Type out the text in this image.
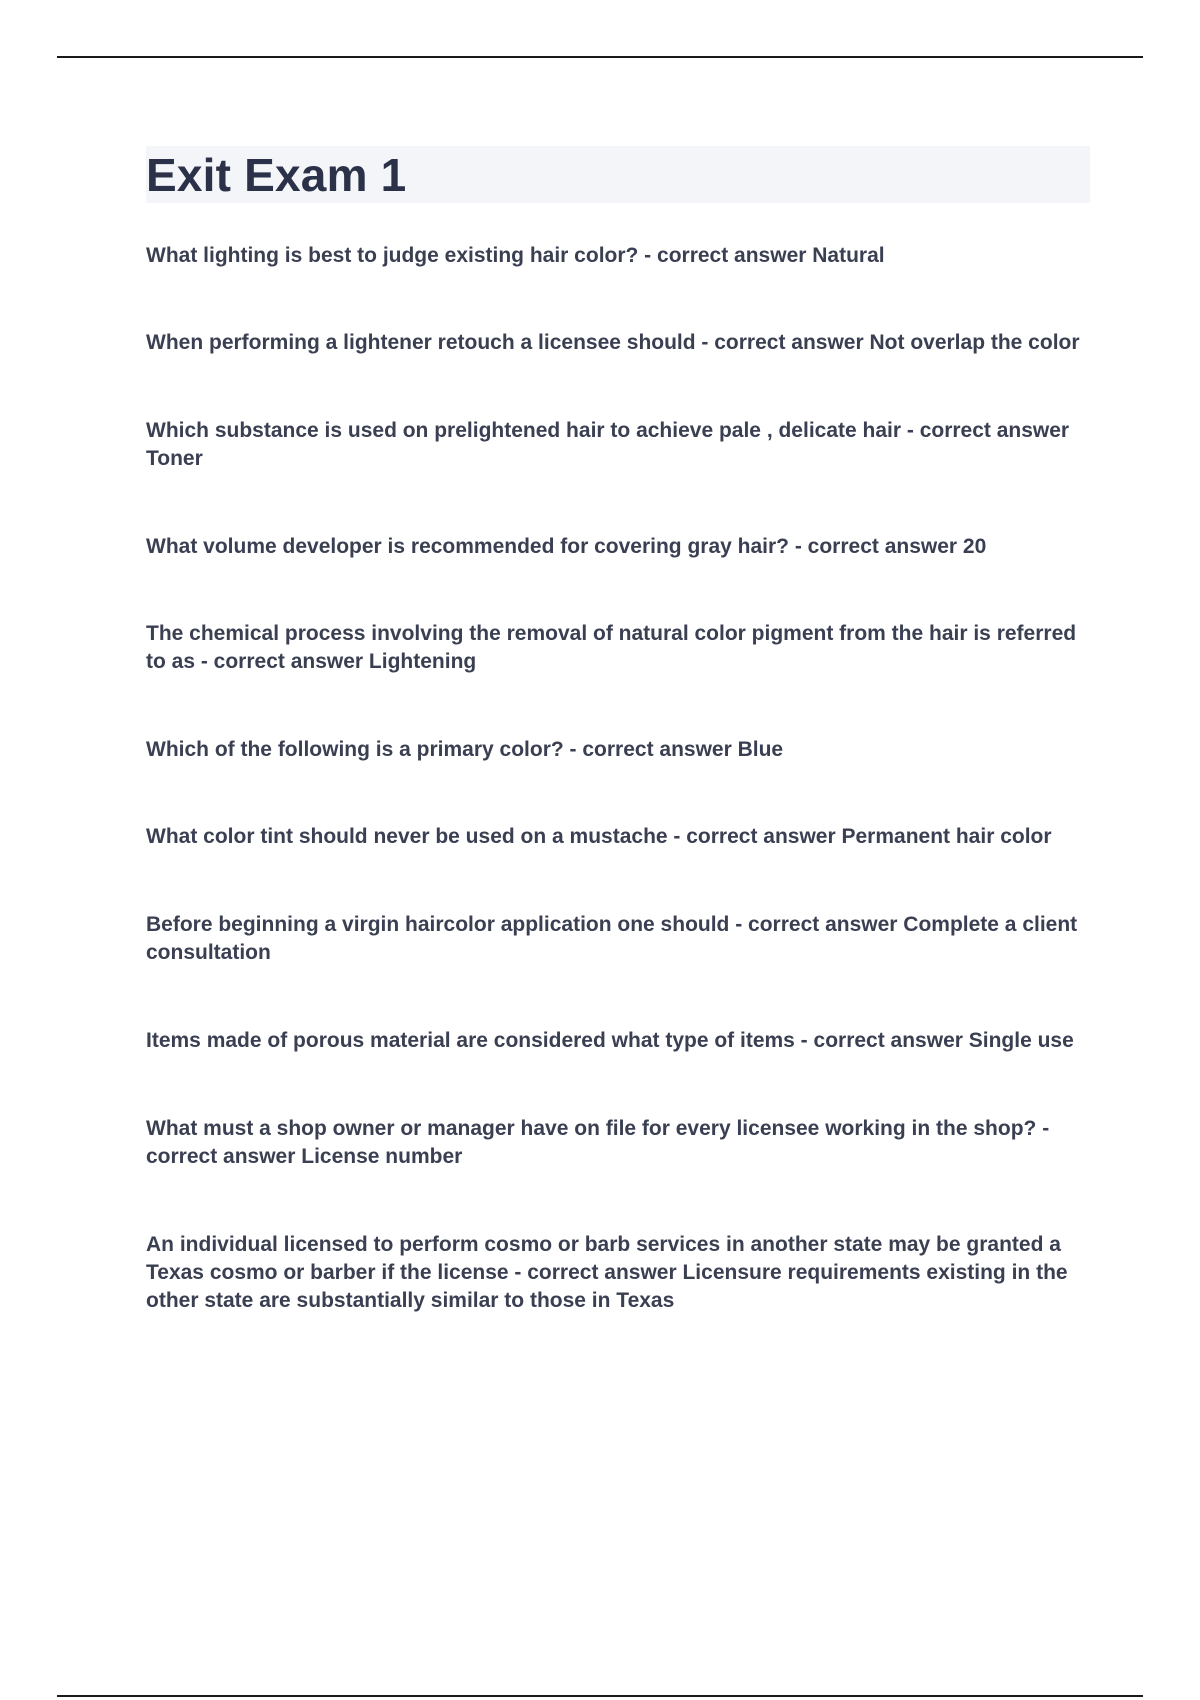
Exit Exam 1
What lighting is best to judge existing hair color? - correct answer Natural
When performing a lightener retouch a licensee should - correct answer Not overlap the color
Which substance is used on prelightened hair to achieve pale , delicate hair - correct answer Toner
What volume developer is recommended for covering gray hair? - correct answer 20
The chemical process involving the removal of natural color pigment from the hair is referred to as - correct answer Lightening
Which of the following is a primary color? - correct answer Blue
What color tint should never be used on a mustache - correct answer Permanent hair color
Before beginning a virgin haircolor application one should - correct answer Complete a client consultation
Items made of porous material are considered what type of items - correct answer Single use
What must a shop owner or manager have on file for every licensee working in the shop? - correct answer License number
An individual licensed to perform cosmo or barb services in another state may be granted a Texas cosmo or barber if the license - correct answer Licensure requirements existing in the other state are substantially similar to those in Texas
